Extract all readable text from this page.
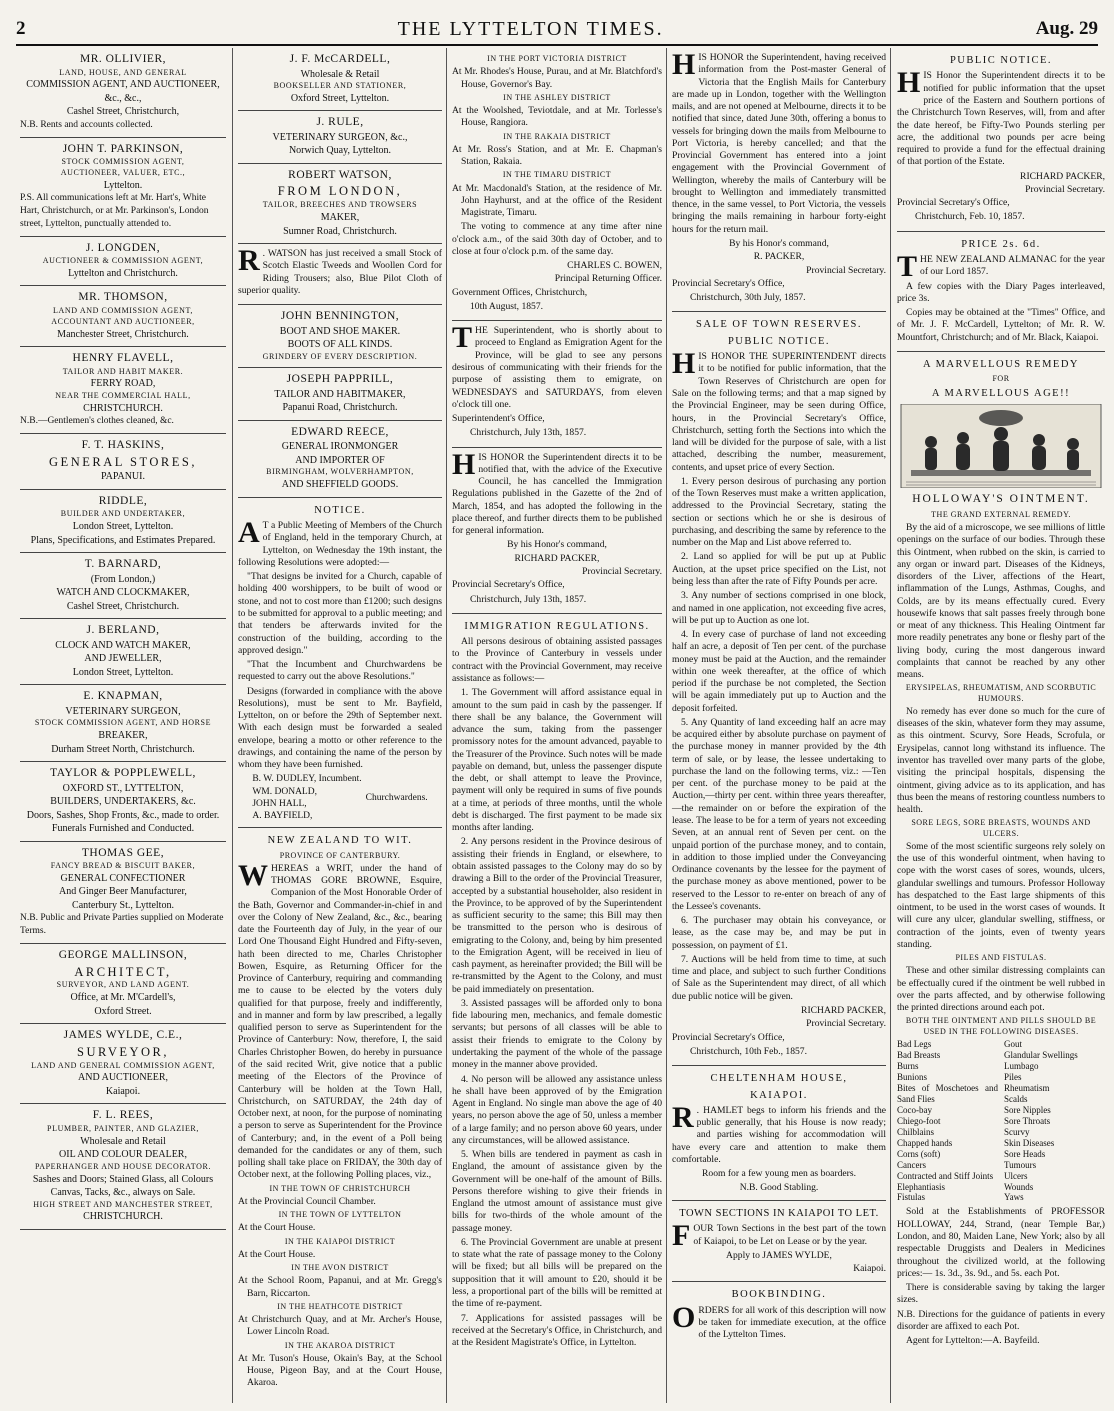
2	THE LYTTELTON TIMES.	Aug. 29
MR. OLLIVIER,
LAND, HOUSE, AND GENERAL
COMMISSION AGENT, AND AUCTIONEER, &c., &c.,
Cashel Street, Christchurch,
N.B. Rents and accounts collected.
JOHN T. PARKINSON,
STOCK COMMISSION AGENT,
AUCTIONEER, VALUER, ETC.,
Lyttelton.
P.S. All communications left at Mr. Hart's, White Hart, Christchurch, or at Mr. Parkinson's, London street, Lyttelton, punctually attended to.
J. LONGDEN,
AUCTIONEER & COMMISSION AGENT,
Lyttelton and Christchurch.
MR. THOMSON,
LAND AND COMMISSION AGENT,
ACCOUNTANT AND AUCTIONEER,
Manchester Street, Christchurch.
HENRY FLAVELL,
TAILOR AND HABIT MAKER.
FERRY ROAD,
NEAR THE COMMERCIAL HALL,
CHRISTCHURCH.
N.B.—Gentlemen's clothes cleaned, &c.
F. T. HASKINS,
GENERAL STORES,
PAPANUI.
RIDDLE,
BUILDER AND UNDERTAKER,
London Street, Lyttelton.
Plans, Specifications, and Estimates Prepared.
T. BARNARD,
(From London,)
WATCH AND CLOCKMAKER,
Cashel Street, Christchurch.
J. BERLAND,
CLOCK AND WATCH MAKER,
AND JEWELLER,
London Street, Lyttelton.
E. KNAPMAN,
VETERINARY SURGEON,
STOCK COMMISSION AGENT, AND HORSE
BREAKER,
Durham Street North, Christchurch.
TAYLOR & POPPLEWELL,
OXFORD ST., LYTTELTON,
BUILDERS, UNDERTAKERS, &c.
Doors, Sashes, Shop Fronts, &c., made to order.
Funerals Furnished and Conducted.
THOMAS GEE,
FANCY BREAD & BISCUIT BAKER,
GENERAL CONFECTIONER
And Ginger Beer Manufacturer,
Canterbury St., Lyttelton.
N.B. Public and Private Parties supplied on Moderate Terms.
GEORGE MALLINSON,
ARCHITECT,
SURVEYOR, AND LAND AGENT.
Office, at Mr. M'Cardell's,
Oxford Street.
JAMES WYLDE, C.E.,
SURVEYOR,
LAND AND GENERAL COMMISSION AGENT,
AND AUCTIONEER,
Kaiapoi.
F. L. REES,
PLUMBER, PAINTER, AND GLAZIER,
Wholesale and Retail
OIL AND COLOUR DEALER,
PAPERHANGER AND HOUSE DECORATOR.
Sashes and Doors; Stained Glass, all Colours
Canvas, Tacks, &c., always on Sale.
HIGH STREET AND MANCHESTER STREET,
CHRISTCHURCH.
J. F. McCARDELL,
Wholesale & Retail
BOOKSELLER AND STATIONER,
Oxford Street, Lyttelton.
J. RULE,
VETERINARY SURGEON, &c.,
Norwich Quay, Lyttelton.
ROBERT WATSON,
FROM LONDON,
TAILOR, BREECHES AND TROWSERS
MAKER,
Sumner Road, Christchurch.

R . WATSON has just received a small Stock of Scotch Elastic Tweeds and Woollen Cord for Riding Trousers; also, Blue Pilot Cloth of superior quality.

JOHN BENNINGTON,
BOOT AND SHOE MAKER.
BOOTS OF ALL KINDS.
GRINDERY OF EVERY DESCRIPTION.
JOSEPH PAPPRILL,
TAILOR AND HABITMAKER,
Papanui Road, Christchurch.
EDWARD REECE,
GENERAL IRONMONGER
AND IMPORTER OF
BIRMINGHAM, WOLVERHAMPTON,
AND SHEFFIELD GOODS.

NOTICE.

A T a Public Meeting of Members of the Church of England, held in the temporary Church, at Lyttelton, on Wednesday the 19th instant, the following Resolutions were adopted:—

"That designs be invited for a Church, capable of holding 400 worshippers, to be built of wood or stone, and not to cost more than £1200; such designs to be submitted for approval to a public meeting; and that tenders be afterwards invited for the construction of the building, according to the approved design."

"That the Incumbent and Churchwardens be requested to carry out the above Resolutions."

Designs (forwarded in compliance with the above Resolutions), must be sent to Mr. Bayfield, Lyttelton, on or before the 29th of September next. With each design must be forwarded a sealed envelope, bearing a motto or other reference to the drawings, and containing the name of the person by whom they have been furnished.

B. W. DUDLEY, Incumbent.
WM. DONALD,
JOHN HALL,
A. BAYFIELD,
Churchwardens.

NEW ZEALAND TO WIT.

PROVINCE OF CANTERBURY.

WHEREAS a WRIT, under the hand of THOMAS GORE BROWNE, Esquire, Companion of the Most Honorable Order of the Bath, Governor and Commander-in-chief in and over the Colony of New Zealand, &c., &c., bearing date the Fourteenth day of July, in the year of our Lord One Thousand Eight Hundred and Fifty-seven, hath been directed to me, Charles Christopher Bowen, Esquire, as Returning Officer for the Province of Canterbury, requiring and commanding me to cause to be elected by the voters duly qualified for that purpose, freely and indifferently, and in manner and form by law prescribed, a legally qualified person to serve as Superintendent for the Province of Canterbury: Now, therefore, I, the said Charles Christopher Bowen, do hereby in pursuance of the said recited Writ, give notice that a public meeting of the Electors of the Province of Canterbury will be holden at the Town Hall, Christchurch, on SATURDAY, the 24th day of October next, at noon, for the purpose of nominating a person to serve as Superintendent for the Province of Canterbury; and, in the event of a Poll being demanded for the candidates or any of them, such polling shall take place on FRIDAY, the 30th day of October next, at the following Polling places, viz.,

IN THE TOWN OF CHRISTCHURCH

At the Provincial Council Chamber.

IN THE TOWN OF LYTTELTON

At the Court House.

IN THE KAIAPOI DISTRICT

At the Court House.

IN THE AVON DISTRICT

At the School Room, Papanui, and at Mr. Gregg's Barn, Riccarton.

IN THE HEATHCOTE DISTRICT

At Christchurch Quay, and at Mr. Archer's House, Lower Lincoln Road.

IN THE AKAROA DISTRICT

At Mr. Tuson's House, Okain's Bay, at the School House, Pigeon Bay, and at the Court House, Akaroa.

IN THE PORT VICTORIA DISTRICT

At Mr. Rhodes's House, Purau, and at Mr. Blatchford's House, Governor's Bay.

IN THE ASHLEY DISTRICT

At the Woolshed, Teviotdale, and at Mr. Torlesse's House, Rangiora.

IN THE RAKAIA DISTRICT

At Mr. Ross's Station, and at Mr. E. Chapman's Station, Rakaia.

IN THE TIMARU DISTRICT

At Mr. Macdonald's Station, at the residence of Mr. John Hayhurst, and at the office of the Resident Magistrate, Timaru.

The voting to commence at any time after nine o'clock a.m., of the said 30th day of October, and to close at four o'clock p.m. of the same day.

CHARLES C. BOWEN,

Principal Returning Officer.

Government Offices, Christchurch,

10th August, 1857.

THE Superintendent, who is shortly about to proceed to England as Emigration Agent for the Province, will be glad to see any persons desirous of communicating with their friends for the purpose of assisting them to emigrate, on WEDNESDAYS and SATURDAYS, from eleven o'clock till one.

Superintendent's Office,

Christchurch, July 13th, 1857.

HIS HONOR the Superintendent directs it to be notified that, with the advice of the Executive Council, he has cancelled the Immigration Regulations published in the Gazette of the 2nd of March, 1854, and has adopted the following in the place thereof, and further directs them to be published for general information.

By his Honor's command,

RICHARD PACKER,

Provincial Secretary.

Provincial Secretary's Office,

Christchurch, July 13th, 1857.

IMMIGRATION REGULATIONS.

All persons desirous of obtaining assisted passages to the Province of Canterbury in vessels under contract with the Provincial Government, may receive assistance as follows:—

1. The Government will afford assistance equal in amount to the sum paid in cash by the passenger. If there shall be any balance, the Government will advance the sum, taking from the passenger promissory notes for the amount advanced, payable to the Treasurer of the Province. Such notes will be made payable on demand, but, unless the passenger dispute the debt, or shall attempt to leave the Province, payment will only be required in sums of five pounds at a time, at periods of three months, until the whole debt is discharged. The first payment to be made six months after landing.

2. Any persons resident in the Province desirous of assisting their friends in England, or elsewhere, to obtain assisted passages to the Colony may do so by drawing a Bill to the order of the Provincial Treasurer, accepted by a substantial householder, also resident in the Province, to be approved of by the Superintendent as sufficient security to the same; this Bill may then be transmitted to the person who is desirous of emigrating to the Colony, and, being by him presented to the Emigration Agent, will be received in lieu of cash payment, as hereinafter provided; the Bill will be re-transmitted by the Agent to the Colony, and must be paid immediately on presentation.

3. Assisted passages will be afforded only to bona fide labouring men, mechanics, and female domestic servants; but persons of all classes will be able to assist their friends to emigrate to the Colony by undertaking the payment of the whole of the passage money in the manner above provided.

4. No person will be allowed any assistance unless he shall have been approved of by the Emigration Agent in England. No single man above the age of 40 years, no person above the age of 50, unless a member of a large family; and no person above 60 years, under any circumstances, will be allowed assistance.

5. When bills are tendered in payment as cash in England, the amount of assistance given by the Government will be one-half of the amount of Bills. Persons therefore wishing to give their friends in England the utmost amount of assistance must give bills for two-thirds of the whole amount of the passage money.

6. The Provincial Government are unable at present to state what the rate of passage money to the Colony will be fixed; but all bills will be prepared on the supposition that it will amount to £20, should it be less, a proportional part of the bills will be remitted at the time of re-payment.

7. Applications for assisted passages will be received at the Secretary's Office, in Christchurch, and at the Resident Magistrate's Office, in Lyttelton.

HIS HONOR the Superintendent, having received information from the Post-master General of Victoria that the English Mails for Canterbury are made up in London, together with the Wellington mails, and are not opened at Melbourne, directs it to be notified that since, dated June 30th, offering a bonus to vessels for bringing down the mails from Melbourne to Port Victoria, is hereby cancelled; and that the Provincial Government has entered into a joint engagement with the Provincial Government of Wellington, whereby the mails of Canterbury will be brought to Wellington and immediately transmitted thence, in the same vessel, to Port Victoria, the vessels bringing the mails remaining in harbour forty-eight hours for the return mail.

By his Honor's command,

R. PACKER,

Provincial Secretary.

Provincial Secretary's Office,

Christchurch, 30th July, 1857.

SALE OF TOWN RESERVES.

PUBLIC NOTICE.

HIS HONOR THE SUPERINTENDENT directs it to be notified for public information, that the Town Reserves of Christchurch are open for Sale on the following terms; and that a map signed by the Provincial Engineer, may be seen during Office, hours, in the Provincial Secretary's Office, Christchurch, setting forth the Sections into which the land will be divided for the purpose of sale, with a list attached, describing the number, measurement, contents, and upset price of every Section.

1. Every person desirous of purchasing any portion of the Town Reserves must make a written application, addressed to the Provincial Secretary, stating the section or sections which he or she is desirous of purchasing, and describing the same by reference to the number on the Map and List above referred to.

2. Land so applied for will be put up at Public Auction, at the upset price specified on the List, not being less than after the rate of Fifty Pounds per acre.

3. Any number of sections comprised in one block, and named in one application, not exceeding five acres, will be put up to Auction as one lot.

4. In every case of purchase of land not exceeding half an acre, a deposit of Ten per cent. of the purchase money must be paid at the Auction, and the remainder within one week thereafter, at the office of which period if the purchase be not completed, the Section will be again immediately put up to Auction and the deposit forfeited.

5. Any Quantity of land exceeding half an acre may be acquired either by absolute purchase on payment of the purchase money in manner provided by the 4th term of sale, or by lease, the lessee undertaking to purchase the land on the following terms, viz.: —Ten per cent. of the purchase money to be paid at the Auction,—thirty per cent. within three years thereafter,—the remainder on or before the expiration of the lease. The lease to be for a term of years not exceeding Seven, at an annual rent of Seven per cent. on the unpaid portion of the purchase money, and to contain, in addition to those implied under the Conveyancing Ordinance covenants by the lessee for the payment of the purchase money as above mentioned, power to be reserved to the Lessor to re-enter on breach of any of the Lessee's covenants.

6. The purchaser may obtain his conveyance, or lease, as the case may be, and may be put in possession, on payment of £1.

7. Auctions will be held from time to time, at such time and place, and subject to such further Conditions of Sale as the Superintendent may direct, of all which due public notice will be given.

RICHARD PACKER,

Provincial Secretary.

Provincial Secretary's Office,

Christchurch, 10th Feb., 1857.

CHELTENHAM HOUSE,

KAIAPOI.

R . HAMLET begs to inform his friends and the public generally, that his House is now ready; and parties wishing for accommodation will have every care and attention to make them comfortable.

Room for a few young men as boarders.

N.B. Good Stabling.

TOWN SECTIONS IN KAIAPOI TO LET.

FOUR Town Sections in the best part of the town of Kaiapoi, to be Let on Lease or by the year.

Apply to JAMES WYLDE,

Kaiapoi.

BOOKBINDING.

ORDERS for all work of this description will now be taken for immediate execution, at the office of the Lyttelton Times.

PUBLIC NOTICE.

HIS Honor the Superintendent directs it to be notified for public information that the upset price of the Eastern and Southern portions of the Christchurch Town Reserves, will, from and after the date hereof, be Fifty-Two Pounds sterling per acre, the additional two pounds per acre being required to provide a fund for the effectual draining of that portion of the Estate.

RICHARD PACKER,

Provincial Secretary.

Provincial Secretary's Office,

Christchurch, Feb. 10, 1857.

PRICE 2s. 6d.

THE NEW ZEALAND ALMANAC for the year of our Lord 1857.

A few copies with the Diary Pages interleaved, price 3s.

Copies may be obtained at the "Times" Office, and of Mr. J. F. McCardell, Lyttelton; of Mr. R. W. Mountfort, Christchurch; and of Mr. Black, Kaiapoi.

A MARVELLOUS REMEDY

FOR

A MARVELLOUS AGE!!

HOLLOWAY'S OINTMENT.

THE GRAND EXTERNAL REMEDY.

By the aid of a microscope, we see millions of little openings on the surface of our bodies. Through these this Ointment, when rubbed on the skin, is carried to any organ or inward part. Diseases of the Kidneys, disorders of the Liver, affections of the Heart, inflammation of the Lungs, Asthmas, Coughs, and Colds, are by its means effectually cured. Every housewife knows that salt passes freely through bone or meat of any thickness. This Healing Ointment far more readily penetrates any bone or fleshy part of the living body, curing the most dangerous inward complaints that cannot be reached by any other means.

ERYSIPELAS, RHEUMATISM, AND SCORBUTIC HUMOURS.

No remedy has ever done so much for the cure of diseases of the skin, whatever form they may assume, as this ointment. Scurvy, Sore Heads, Scrofula, or Erysipelas, cannot long withstand its influence. The inventor has travelled over many parts of the globe, visiting the principal hospitals, dispensing the ointment, giving advice as to its application, and has thus been the means of restoring countless numbers to health.

SORE LEGS, SORE BREASTS, WOUNDS AND ULCERS.

Some of the most scientific surgeons rely solely on the use of this wonderful ointment, when having to cope with the worst cases of sores, wounds, ulcers, glandular swellings and tumours. Professor Holloway has despatched to the East large shipments of this ointment, to be used in the worst cases of wounds. It will cure any ulcer, glandular swelling, stiffness, or contraction of the joints, even of twenty years standing.

PILES AND FISTULAS.

These and other similar distressing complaints can be effectually cured if the ointment be well rubbed in over the parts affected, and by otherwise following the printed directions around each pot.

BOTH THE OINTMENT AND PILLS SHOULD BE USED IN THE FOLLOWING DISEASES.

Bad Legs
Bad Breasts
Burns
Bunions
Bites of Moschetoes and Sand Flies
Coco-bay
Chiego-foot
Chilblains
Chapped hands
Corns (soft)
Cancers
Contracted and Stiff Joints
Elephantiasis
Fistulas
Gout
Glandular Swellings
Lumbago
Piles
Rheumatism
Scalds
Sore Nipples
Sore Throats
Scurvy
Skin Diseases
Sore Heads
Tumours
Ulcers
Wounds
Yaws

Sold at the Establishments of PROFESSOR HOLLOWAY, 244, Strand, (near Temple Bar,) London, and 80, Maiden Lane, New York; also by all respectable Druggists and Dealers in Medicines throughout the civilized world, at the following prices:— 1s. 3d., 3s. 9d., and 5s. each Pot.

There is considerable saving by taking the larger sizes.

N.B. Directions for the guidance of patients in every disorder are affixed to each Pot.

Agent for Lyttelton:—A. Bayfeild.
